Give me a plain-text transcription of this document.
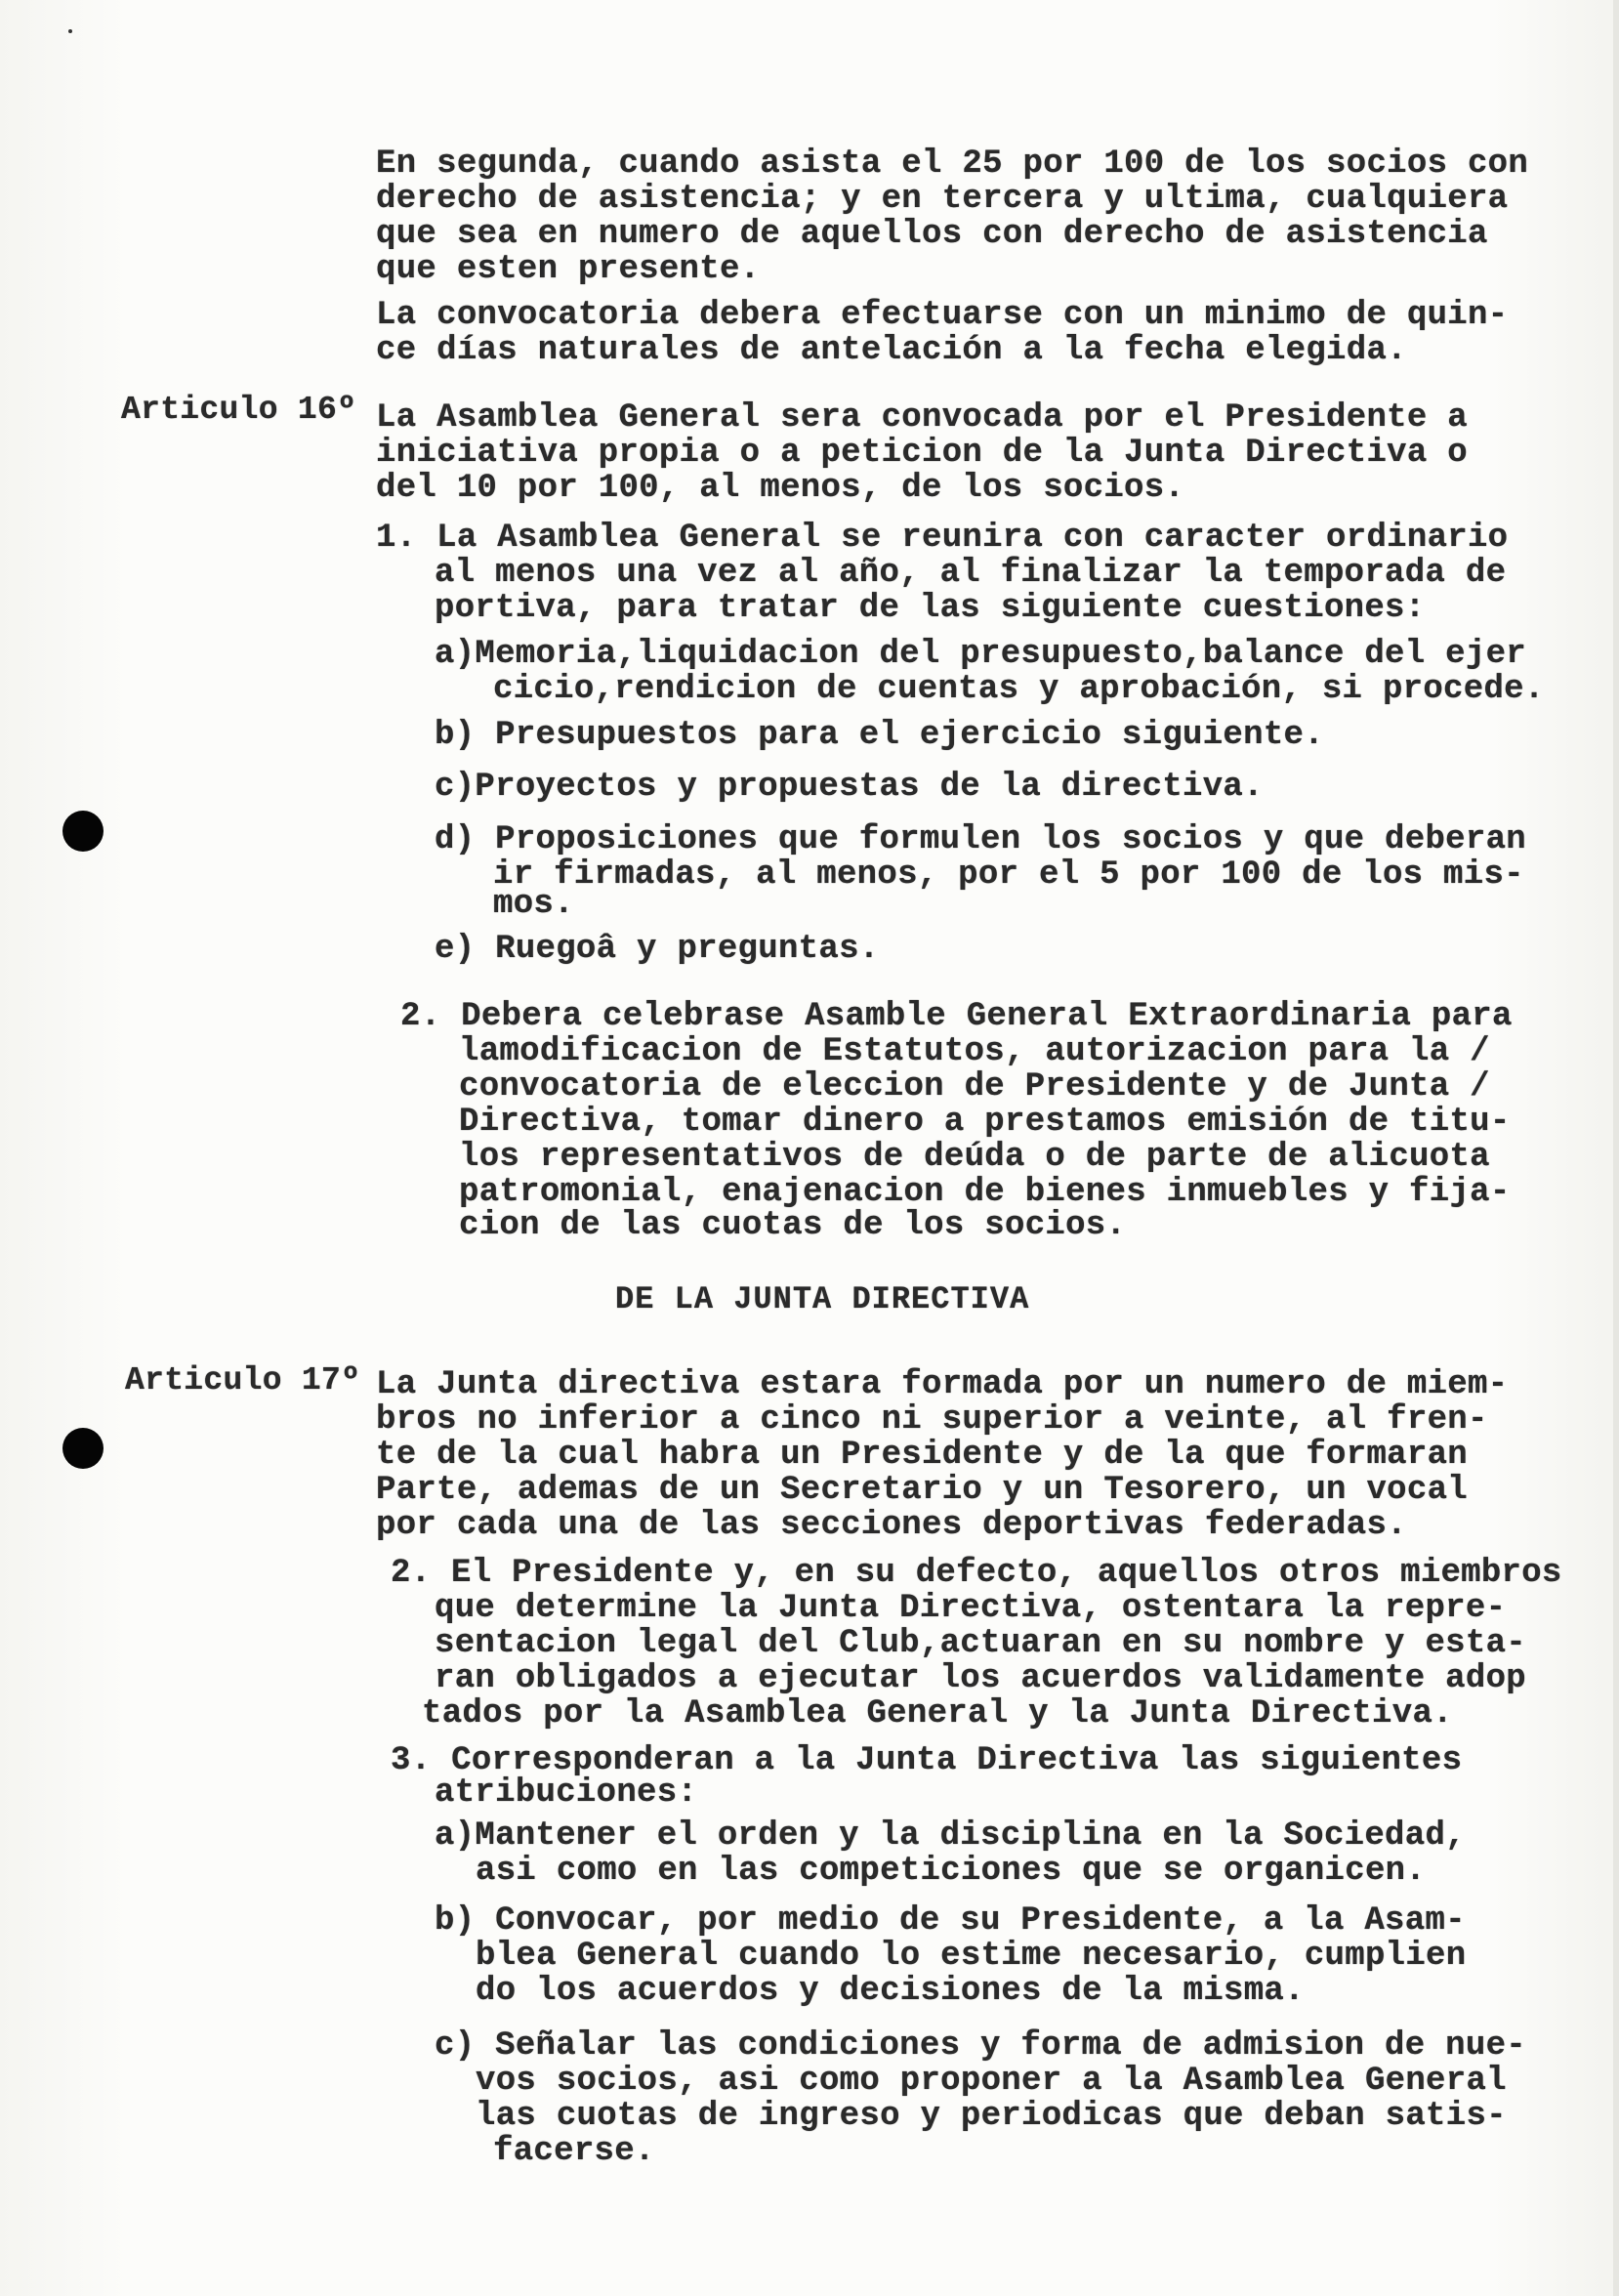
En segunda, cuando asista el 25 por 100 de los socios con

derecho de asistencia; y en tercera y ultima, cualquiera

que sea en numero de aquellos con derecho de asistencia

que esten presente.

La convocatoria debera efectuarse con un minimo de quin-

ce días naturales de antelación a la fecha elegida.

Articulo 16º La Asamblea General sera convocada por el Presidente a

iniciativa propia o a peticion de la Junta Directiva o

del 10 por 100, al menos, de los socios.

1. La Asamblea General se reunira con caracter ordinario

al menos una vez al año, al finalizar la temporada de

portiva, para tratar de las siguiente cuestiones:

a)Memoria,liquidacion del presupuesto,balance del ejer

cicio,rendicion de cuentas y aprobación, si procede.

b) Presupuestos para el ejercicio siguiente.

c)Proyectos y propuestas de la directiva.

d) Proposiciones que formulen los socios y que deberan

ir firmadas, al menos, por el 5 por 100 de los mis-

mos.

e) Ruegoâ y preguntas.

2. Debera celebrase Asamble General Extraordinaria para

lamodificacion de Estatutos, autorizacion para la /

convocatoria de eleccion de Presidente y de Junta /

Directiva, tomar dinero a prestamos emisión de titu-

los representativos de deúda o de parte de alicuota

patromonial, enajenacion de bienes inmuebles y fija-

cion de las cuotas de los socios.

DE LA JUNTA DIRECTIVA

Articulo 17º La Junta directiva estara formada por un numero de miem-

bros no inferior a cinco ni superior a veinte, al fren-

te de la cual habra un Presidente y de la que formaran

Parte, ademas de un Secretario y un Tesorero, un vocal

por cada una de las secciones deportivas federadas.

2. El Presidente y, en su defecto, aquellos otros miembros

que determine la Junta Directiva, ostentara la repre-

sentacion legal del Club,actuaran en su nombre y esta-

ran obligados a ejecutar los acuerdos validamente adop

tados por la Asamblea General y la Junta Directiva.

3. Corresponderan a la Junta Directiva las siguientes

atribuciones:

a)Mantener el orden y la disciplina en la Sociedad,

asi como en las competiciones que se organicen.

b) Convocar, por medio de su Presidente, a la Asam-

blea General cuando lo estime necesario, cumplien

do los acuerdos y decisiones de la misma.

c) Señalar las condiciones y forma de admision de nue-

vos socios, asi como proponer a la Asamblea General

las cuotas de ingreso y periodicas que deban satis-

facerse.
